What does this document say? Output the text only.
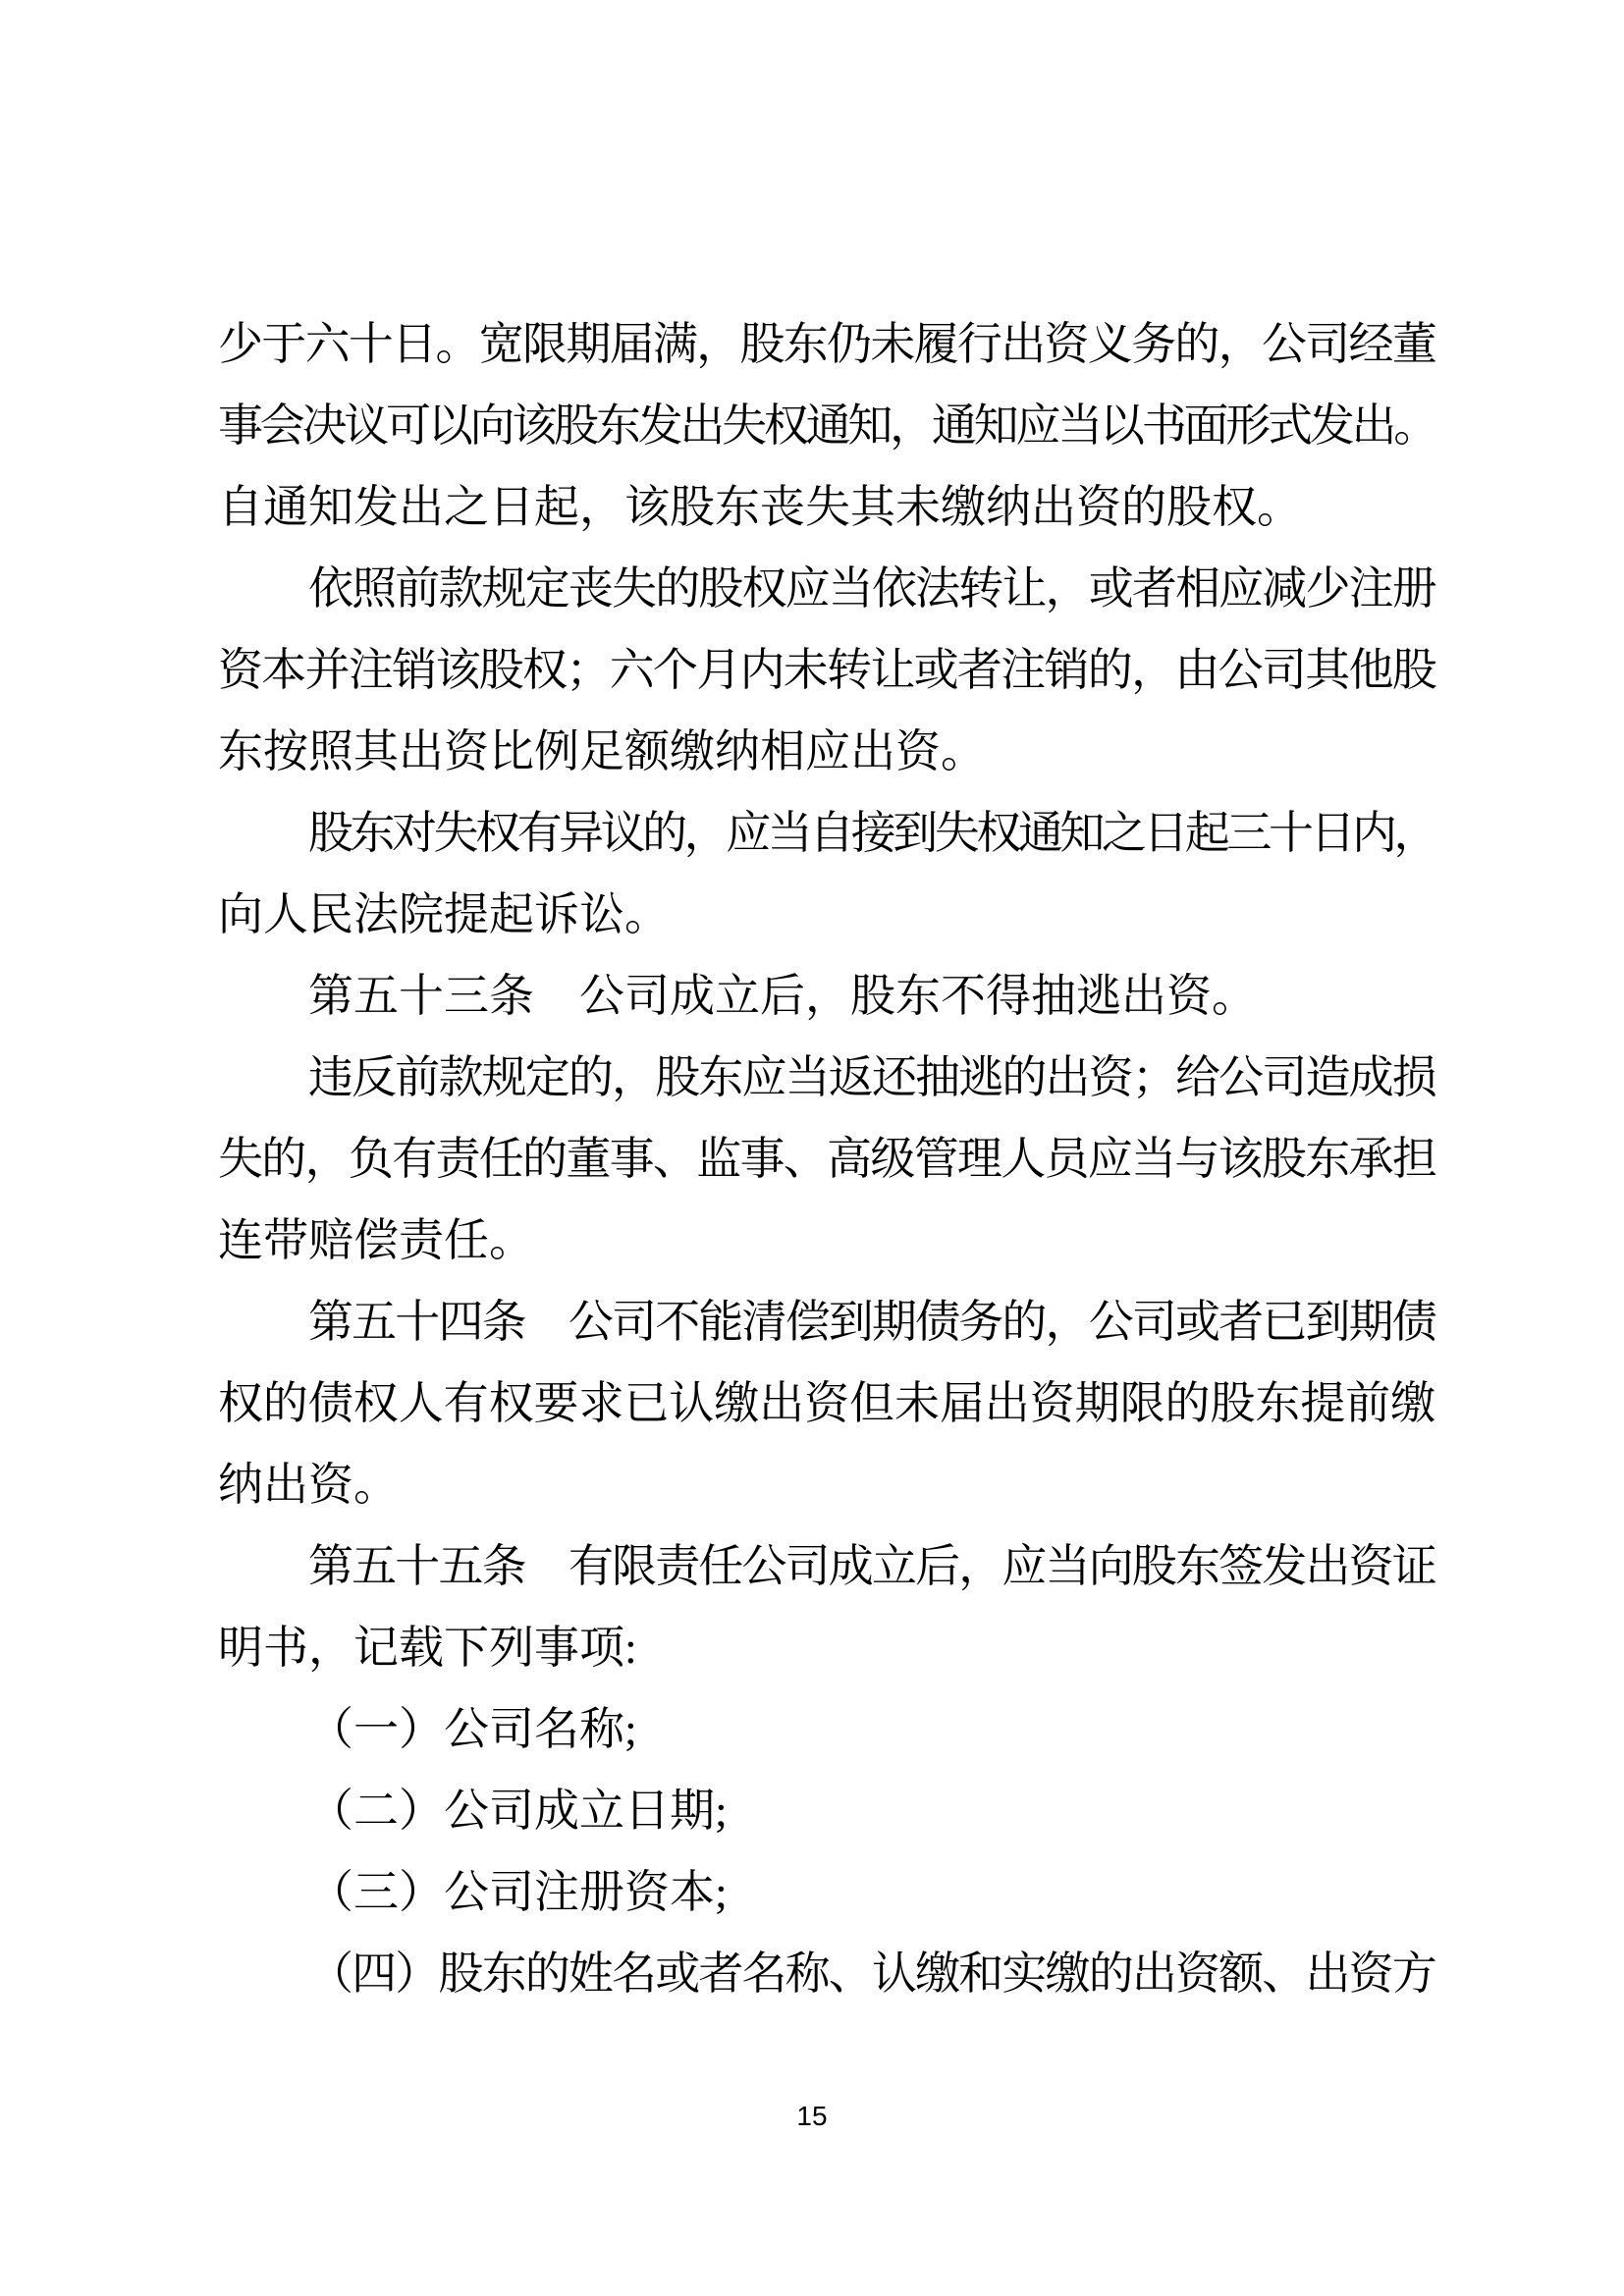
少于六十日。宽限期届满，股东仍未履行出资义务的，公司经董
事会决议可以向该股东发出失权通知，通知应当以书面形式发出。
自通知发出之日起，该股东丧失其未缴纳出资的股权。
依照前款规定丧失的股权应当依法转让，或者相应减少注册
资本并注销该股权；六个月内未转让或者注销的，由公司其他股
东按照其出资比例足额缴纳相应出资。
股东对失权有异议的，应当自接到失权通知之日起三十日内，
向人民法院提起诉讼。
第五十三条　公司成立后，股东不得抽逃出资。
违反前款规定的，股东应当返还抽逃的出资；给公司造成损
失的，负有责任的董事、监事、高级管理人员应当与该股东承担
连带赔偿责任。
第五十四条　公司不能清偿到期债务的，公司或者已到期债
权的债权人有权要求已认缴出资但未届出资期限的股东提前缴
纳出资。
第五十五条　有限责任公司成立后，应当向股东签发出资证
明书，记载下列事项:
（一）公司名称;
（二）公司成立日期;
（三）公司注册资本;
（四）股东的姓名或者名称、认缴和实缴的出资额、出资方
15
